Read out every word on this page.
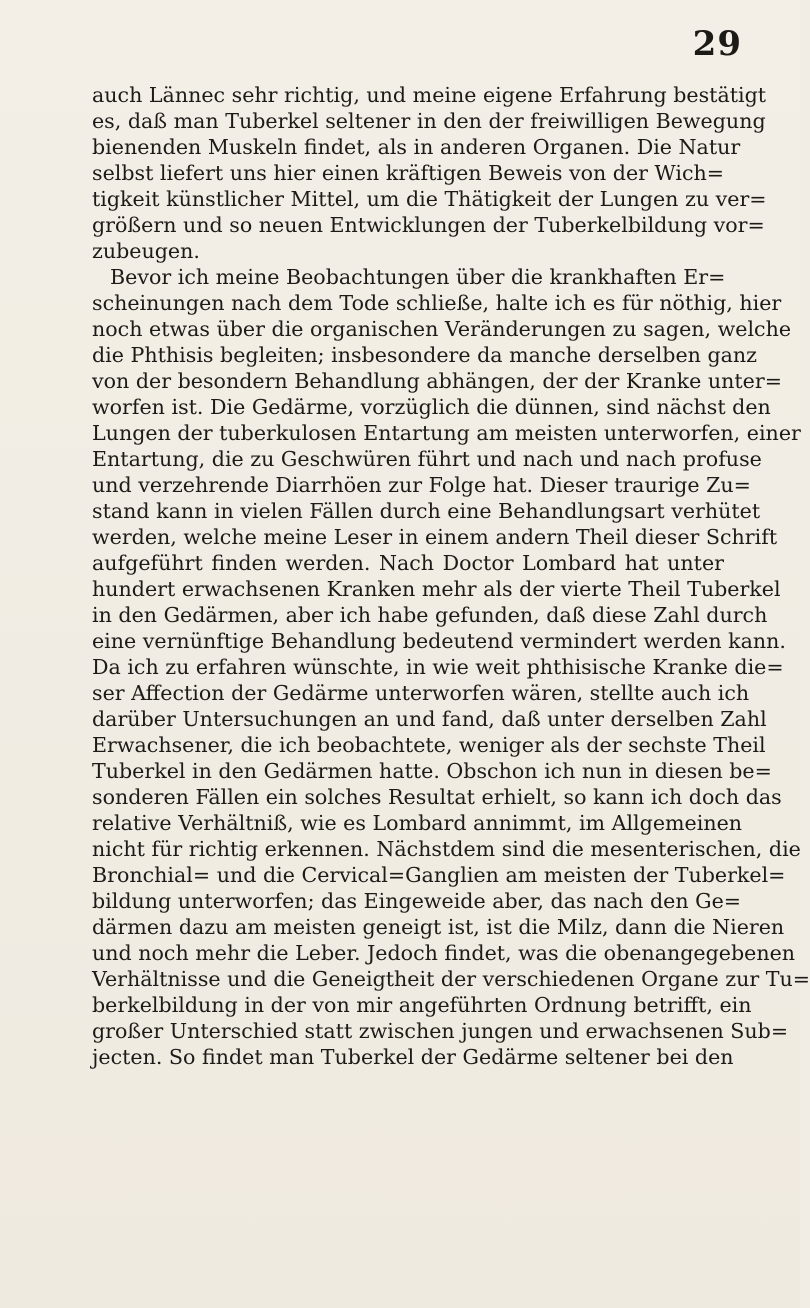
29
auch Lännec sehr richtig, und meine eigene Erfahrung bestätigt
es, daß man Tuberkel seltener in den der freiwilligen Bewegung
bienenden Muskeln findet, als in anderen Organen. Die Natur
selbst liefert uns hier einen kräftigen Beweis von der Wich=
tigkeit künstlicher Mittel, um die Thätigkeit der Lungen zu ver=
größern und so neuen Entwicklungen der Tuberkelbildung vor=
zubeugen.
Bevor ich meine Beobachtungen über die krankhaften Er=
scheinungen nach dem Tode schließe, halte ich es für nöthig, hier
noch etwas über die organischen Veränderungen zu sagen, welche
die Phthisis begleiten; insbesondere da manche derselben ganz
von der besondern Behandlung abhängen, der der Kranke unter=
worfen ist. Die Gedärme, vorzüglich die dünnen, sind nächst den
Lungen der tuberkulosen Entartung am meisten unterworfen, einer
Entartung, die zu Geschwüren führt und nach und nach profuse
und verzehrende Diarrhöen zur Folge hat. Dieser traurige Zu=
stand kann in vielen Fällen durch eine Behandlungsart verhütet
werden, welche meine Leser in einem andern Theil dieser Schrift
aufgeführt finden werden. Nach Doctor Lombard hat unter
hundert erwachsenen Kranken mehr als der vierte Theil Tuberkel
in den Gedärmen, aber ich habe gefunden, daß diese Zahl durch
eine vernünftige Behandlung bedeutend vermindert werden kann.
Da ich zu erfahren wünschte, in wie weit phthisische Kranke die=
ser Affection der Gedärme unterworfen wären, stellte auch ich
darüber Untersuchungen an und fand, daß unter derselben Zahl
Erwachsener, die ich beobachtete, weniger als der sechste Theil
Tuberkel in den Gedärmen hatte. Obschon ich nun in diesen be=
sonderen Fällen ein solches Resultat erhielt, so kann ich doch das
relative Verhältniß, wie es Lombard annimmt, im Allgemeinen
nicht für richtig erkennen. Nächstdem sind die mesenterischen, die
Bronchial= und die Cervical=Ganglien am meisten der Tuberkel=
bildung unterworfen; das Eingeweide aber, das nach den Ge=
därmen dazu am meisten geneigt ist, ist die Milz, dann die Nieren
und noch mehr die Leber. Jedoch findet, was die obenangegebenen
Verhältnisse und die Geneigtheit der verschiedenen Organe zur Tu=
berkelbildung in der von mir angeführten Ordnung betrifft, ein
großer Unterschied statt zwischen jungen und erwachsenen Sub=
jecten. So findet man Tuberkel der Gedärme seltener bei den
